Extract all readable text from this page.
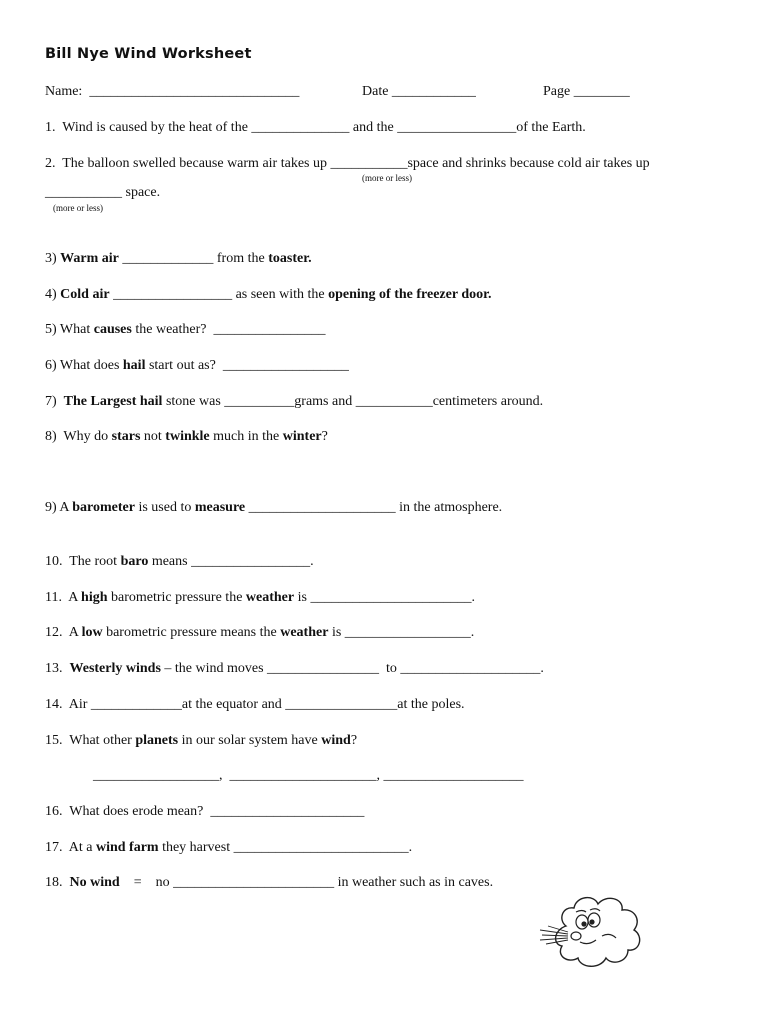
Bill Nye Wind Worksheet
Name:  ______________________________	Date ____________	Page ________
1.  Wind is caused by the heat of the ______________ and the _________________of the Earth.
2.  The balloon swelled because warm air takes up ___________space and shrinks because cold air takes up
(more or less)
___________ space.
(more or less)
3) Warm air _____________ from the toaster.
4) Cold air _________________ as seen with the opening of the freezer door.
5) What causes the weather?  ________________
6) What does hail start out as?  __________________
7)  The Largest hail stone was __________grams and ___________centimeters around.
8)  Why do stars not twinkle much in the winter?
9) A barometer is used to measure _____________________ in the atmosphere.
10.  The root baro means _________________.
11.  A high barometric pressure the weather is _______________________.
12.  A low barometric pressure means the weather is __________________.
13.  Westerly winds – the wind moves ________________  to ____________________.
14.  Air _____________at the equator and ________________at the poles.
15.  What other planets in our solar system have wind?
__________________,  _____________________, ____________________
16.  What does erode mean?  ______________________
17.  At a wind farm they harvest _________________________.
18.  No wind    =    no _______________________ in weather such as in caves.
